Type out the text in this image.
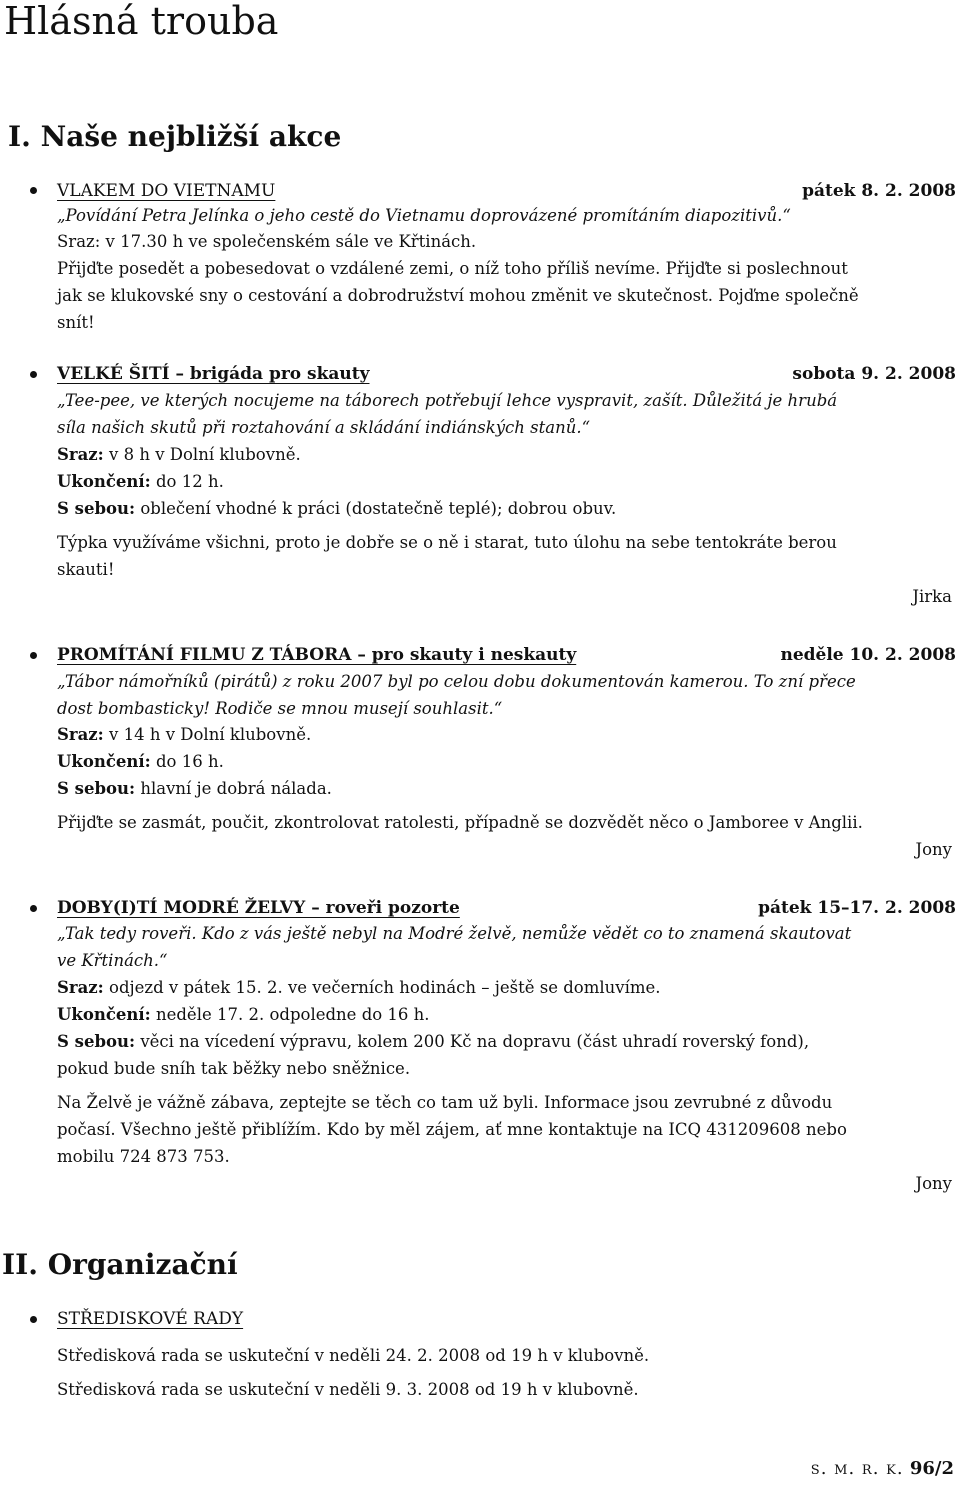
Hlásná trouba
I. Naše nejbližší akce
VLAKEM DO VIETNAMU	pátek 8. 2. 2008
„Povídání Petra Jelínka o jeho cestě do Vietnamu doprovázené promítáním diapozitivů.“
Sraz: v 17.30 h ve společenském sále ve Křtinách.
Přijďte posedět a pobesedovat o vzdálené zemi, o níž toho příliš nevíme. Přijďte si poslechnout
jak se klukovské sny o cestování a dobrodružství mohou změnit ve skutečnost. Pojďme společně
snít!
VELKÉ ŠITÍ – brigáda pro skauty	sobota 9. 2. 2008
„Tee-pee, ve kterých nocujeme na táborech potřebují lehce vyspravit, zašít. Důležitá je hrubá
síla našich skutů při roztahování a skládání indiánských stanů.“
Sraz: v 8 h v Dolní klubovně.
Ukončení: do 12 h.
S sebou: oblečení vhodné k práci (dostatečně teplé); dobrou obuv.
Týpka využíváme všichni, proto je dobře se o ně i starat, tuto úlohu na sebe tentokráte berou
skauti!
Jirka
PROMÍTÁNÍ FILMU Z TÁBORA – pro skauty i neskauty	neděle 10. 2. 2008
„Tábor námořníků (pirátů) z roku 2007 byl po celou dobu dokumentován kamerou. To zní přece
dost bombasticky! Rodiče se mnou musejí souhlasit.“
Sraz: v 14 h v Dolní klubovně.
Ukončení: do 16 h.
S sebou: hlavní je dobrá nálada.
Přijďte se zasmát, poučit, zkontrolovat ratolesti, případně se dozvědět něco o Jamboree v Anglii.
Jony
DOBY(I)TÍ MODRÉ ŽELVY – roveři pozorte	pátek 15–17. 2. 2008
„Tak tedy roveři. Kdo z vás ještě nebyl na Modré želvě, nemůže vědět co to znamená skautovat
ve Křtinách.“
Sraz: odjezd v pátek 15. 2. ve večerních hodinách – ještě se domluvíme.
Ukončení: neděle 17. 2. odpoledne do 16 h.
S sebou: věci na vícedení výpravu, kolem 200 Kč na dopravu (část uhradí roverský fond),
pokud bude sníh tak běžky nebo sněžnice.
Na Želvě je vážně zábava, zeptejte se těch co tam už byli. Informace jsou zevrubné z důvodu
počasí. Všechno ještě přiblížím. Kdo by měl zájem, ať mne kontaktuje na ICQ 431209608 nebo
mobilu 724 873 753.
Jony
II. Organizační
STŘEDISKOVÉ RADY
Středisková rada se uskuteční v neděli 24. 2. 2008 od 19 h v klubovně.
Středisková rada se uskuteční v neděli 9. 3. 2008 od 19 h v klubovně.
s. m. r. k. 96/2
